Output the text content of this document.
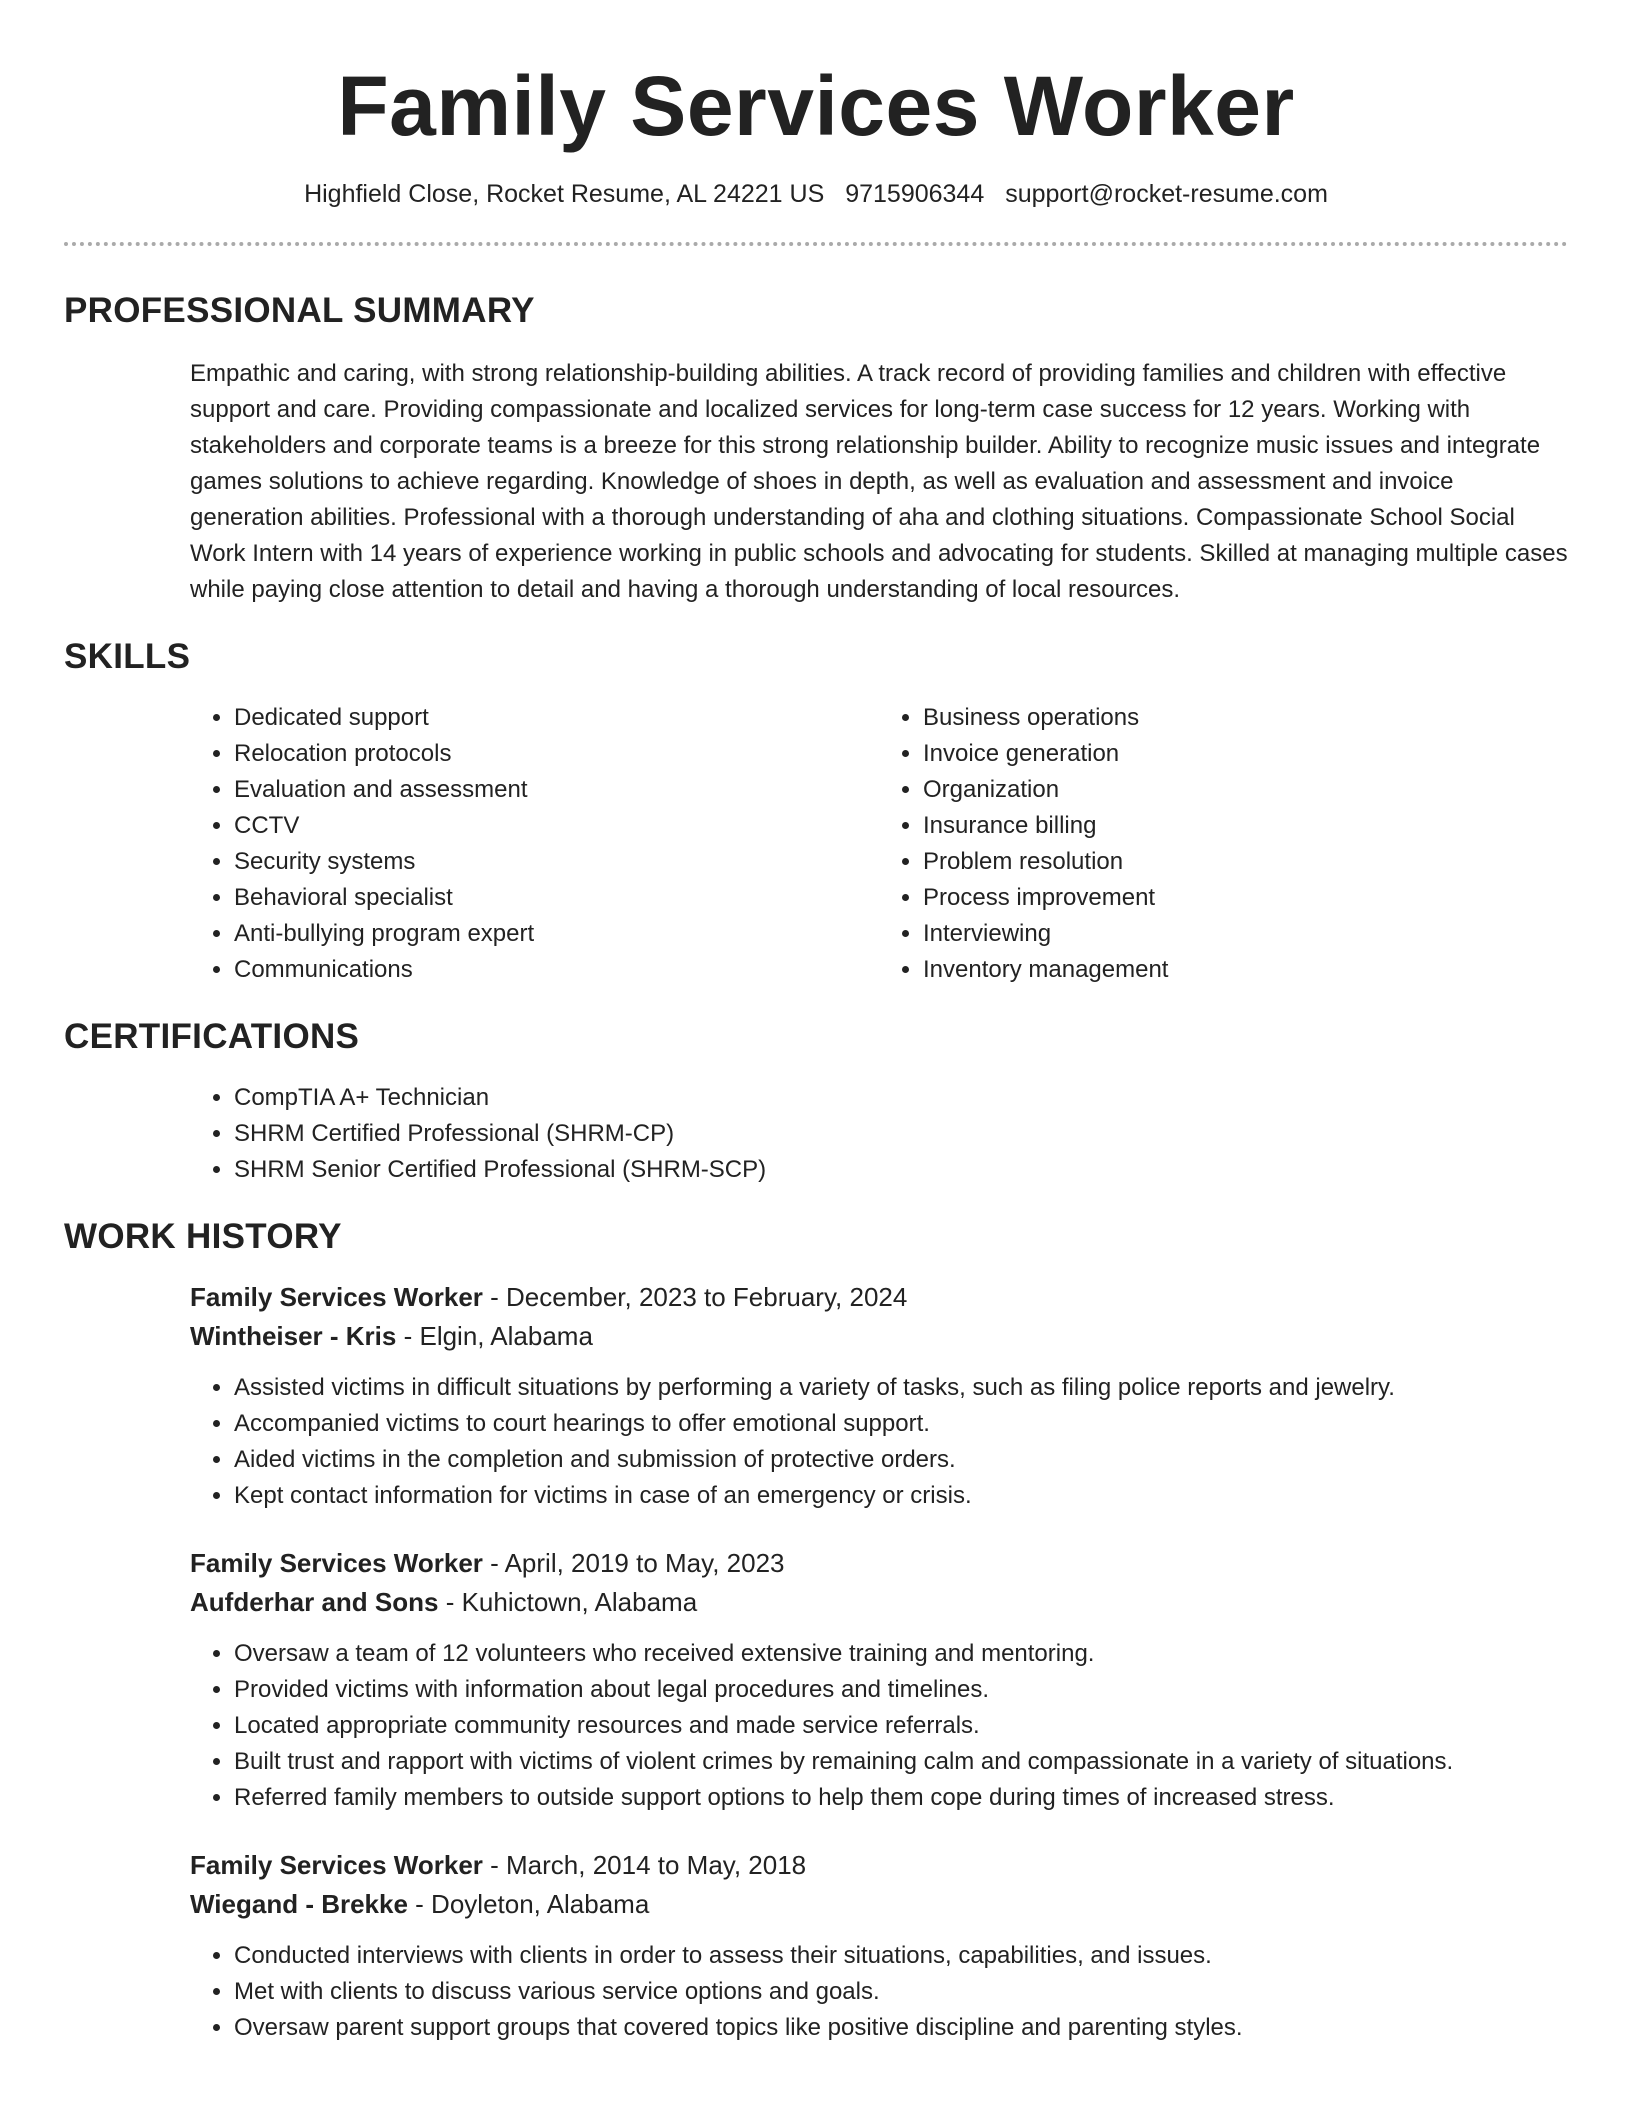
Family Services Worker
Highfield Close, Rocket Resume, AL 24221 US 9715906344 support@rocket-resume.com
PROFESSIONAL SUMMARY

Empathic and caring, with strong relationship-building abilities. A track record of providing families and children with effective support and care. Providing compassionate and localized services for long-term case success for 12 years. Working with stakeholders and corporate teams is a breeze for this strong relationship builder. Ability to recognize music issues and integrate games solutions to achieve regarding. Knowledge of shoes in depth, as well as evaluation and assessment and invoice generation abilities. Professional with a thorough understanding of aha and clothing situations. Compassionate School Social Work Intern with 14 years of experience working in public schools and advocating for students. Skilled at managing multiple cases while paying close attention to detail and having a thorough understanding of local resources.

SKILLS
• Dedicated support
• Relocation protocols
• Evaluation and assessment
• CCTV
• Security systems
• Behavioral specialist
• Anti-bullying program expert
• Communications
• Business operations
• Invoice generation
• Organization
• Insurance billing
• Problem resolution
• Process improvement
• Interviewing
• Inventory management
CERTIFICATIONS
• CompTIA A+ Technician
• SHRM Certified Professional (SHRM-CP)
• SHRM Senior Certified Professional (SHRM-SCP)
WORK HISTORY
Family Services Worker - December, 2023 to February, 2024
Wintheiser - Kris - Elgin, Alabama
• Assisted victims in difficult situations by performing a variety of tasks, such as filing police reports and jewelry.
• Accompanied victims to court hearings to offer emotional support.
• Aided victims in the completion and submission of protective orders.
• Kept contact information for victims in case of an emergency or crisis.
Family Services Worker - April, 2019 to May, 2023
Aufderhar and Sons - Kuhictown, Alabama
• Oversaw a team of 12 volunteers who received extensive training and mentoring.
• Provided victims with information about legal procedures and timelines.
• Located appropriate community resources and made service referrals.
• Built trust and rapport with victims of violent crimes by remaining calm and compassionate in a variety of situations.
• Referred family members to outside support options to help them cope during times of increased stress.
Family Services Worker - March, 2014 to May, 2018
Wiegand - Brekke - Doyleton, Alabama
• Conducted interviews with clients in order to assess their situations, capabilities, and issues.
• Met with clients to discuss various service options and goals.
• Oversaw parent support groups that covered topics like positive discipline and parenting styles.
